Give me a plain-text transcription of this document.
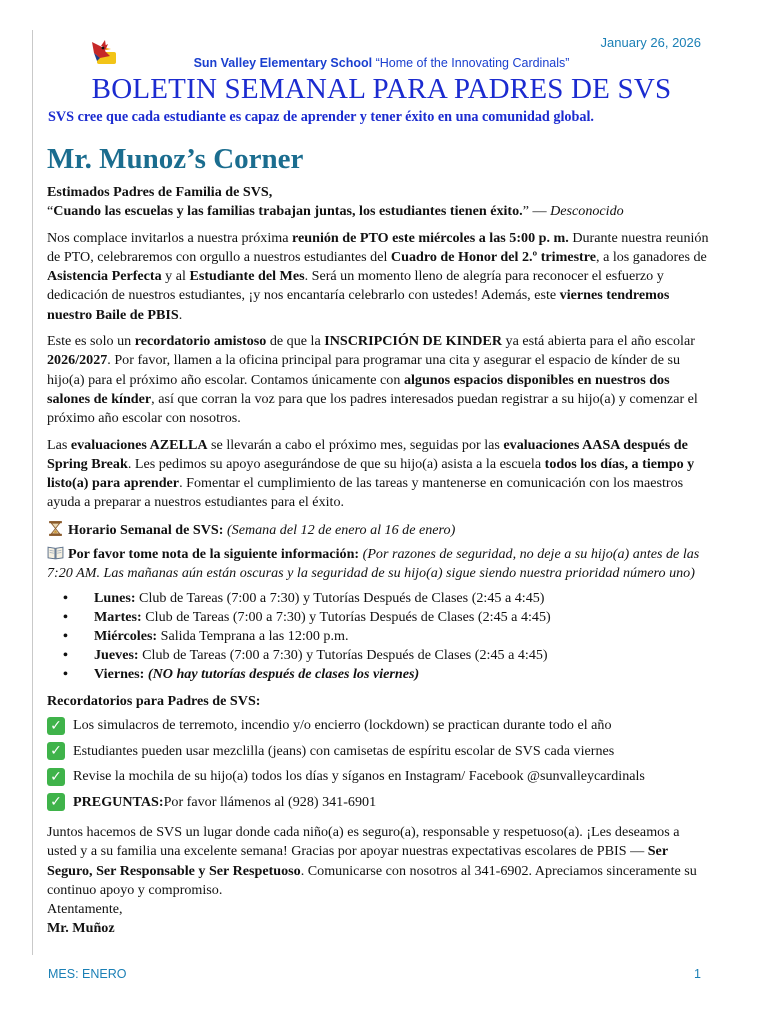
January 26, 2026
Sun Valley Elementary School “Home of the Innovating Cardinals”
BOLETIN SEMANAL PARA PADRES DE SVS
SVS cree que cada estudiante es capaz de aprender y tener éxito en una comunidad global.
Mr. Munoz’s Corner

Estimados Padres de Familia de SVS,

“Cuando las escuelas y las familias trabajan juntas, los estudiantes tienen éxito.” — Desconocido

Nos complace invitarlos a nuestra próxima reunión de PTO este miércoles a las 5:00 p. m. Durante nuestra reunión de PTO, celebraremos con orgullo a nuestros estudiantes del Cuadro de Honor del 2.º trimestre, a los ganadores de Asistencia Perfecta y al Estudiante del Mes. Será un momento lleno de alegría para reconocer el esfuerzo y dedicación de nuestros estudiantes, ¡y nos encantaría celebrarlo con ustedes! Además, este viernes tendremos nuestro Baile de PBIS.

Este es solo un recordatorio amistoso de que la INSCRIPCIÓN DE KINDER ya está abierta para el año escolar 2026/2027. Por favor, llamen a la oficina principal para programar una cita y asegurar el espacio de kínder de su hijo(a) para el próximo año escolar. Contamos únicamente con algunos espacios disponibles en nuestros dos salones de kínder, así que corran la voz para que los padres interesados puedan registrar a su hijo(a) y comenzar el próximo año escolar con nosotros.

Las evaluaciones AZELLA se llevarán a cabo el próximo mes, seguidas por las evaluaciones AASA después de Spring Break. Les pedimos su apoyo asegurándose de que su hijo(a) asista a la escuela todos los días, a tiempo y listo(a) para aprender. Fomentar el cumplimiento de las tareas y mantenerse en comunicación con los maestros ayuda a preparar a nuestros estudiantes para el éxito.

Horario Semanal de SVS: (Semana del 12 de enero al 16 de enero)

Por favor tome nota de la siguiente información: (Por razones de seguridad, no deje a su hijo(a) antes de las 7:20 AM. Las mañanas aún están oscuras y la seguridad de su hijo(a) sigue siendo nuestra prioridad número uno)

• Lunes: Club de Tareas (7:00 a 7:30) y Tutorías Después de Clases (2:45 a 4:45)
• Martes: Club de Tareas (7:00 a 7:30) y Tutorías Después de Clases (2:45 a 4:45)
• Miércoles: Salida Temprana a las 12:00 p.m.
• Jueves: Club de Tareas (7:00 a 7:30) y Tutorías Después de Clases (2:45 a 4:45)
• Viernes: (NO hay tutorías después de clases los viernes)

Recordatorios para Padres de SVS:

✓ Los simulacros de terremoto, incendio y/o encierro (lockdown) se practican durante todo el año
✓ Estudiantes pueden usar mezclilla (jeans) con camisetas de espíritu escolar de SVS cada viernes
✓ Revise la mochila de su hijo(a) todos los días y síganos en Instagram/ Facebook @sunvalleycardinals
✓ PREGUNTAS: Por favor llámenos al (928) 341-6901

Juntos hacemos de SVS un lugar donde cada niño(a) es seguro(a), responsable y respetuoso(a). ¡Les deseamos a usted y a su familia una excelente semana! Gracias por apoyar nuestras expectativas escolares de PBIS — Ser Seguro, Ser Responsable y Ser Respetuoso. Comunicarse con nosotros al 341-6902. Apreciamos sinceramente su continuo apoyo y compromiso.

Atentamente,

Mr. Muñoz

MES: ENERO	1
